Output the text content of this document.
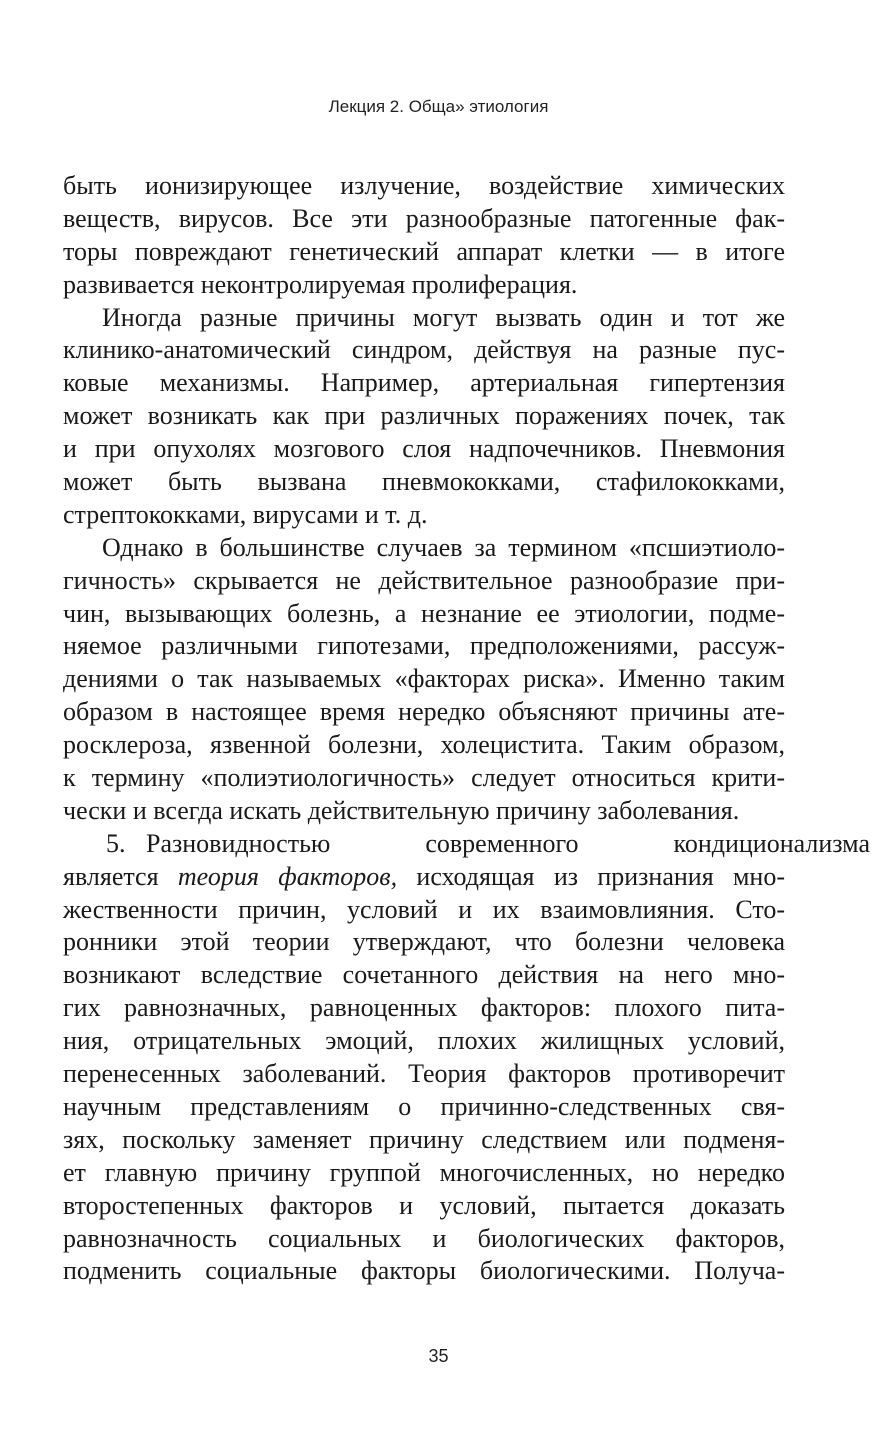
Лекция 2. Обща» этиология
быть ионизирующее излучение, воздействие химических
веществ, вирусов. Все эти разнообразные патогенные фак-
торы повреждают генетический аппарат клетки — в итоге
развивается неконтролируемая пролиферация.
Иногда разные причины могут вызвать один и тот же
клинико-анатомический синдром, действуя на разные пус-
ковые механизмы. Например, артериальная гипертензия
может возникать как при различных поражениях почек, так
и при опухолях мозгового слоя надпочечников. Пневмония
может быть вызвана пневмококками, стафилококками,
стрептококками, вирусами и т. д.
Однако в большинстве случаев за термином «псшиэтиоло-
гичность» скрывается не действительное разнообразие при-
чин, вызывающих болезнь, а незнание ее этиологии, подме-
няемое различными гипотезами, предположениями, рассуж-
дениями о так называемых «факторах риска». Именно таким
образом в настоящее время нередко объясняют причины ате-
росклероза, язвенной болезни, холецистита. Таким образом,
к термину «полиэтиологичность» следует относиться крити-
чески и всегда искать действительную причину заболевания.
5. Разновидностью современного кондиционализма
является теория факторов, исходящая из признания мно-
жественности причин, условий и их взаимовлияния. Сто-
ронники этой теории утверждают, что болезни человека
возникают вследствие сочетанного действия на него мно-
гих равнозначных, равноценных факторов: плохого пита-
ния, отрицательных эмоций, плохих жилищных условий,
перенесенных заболеваний. Теория факторов противоречит
научным представлениям о причинно-следственных свя-
зях, поскольку заменяет причину следствием или подменя-
ет главную причину группой многочисленных, но нередко
второстепенных факторов и условий, пытается доказать
равнозначность социальных и биологических факторов,
подменить социальные факторы биологическими. Получа-
35
